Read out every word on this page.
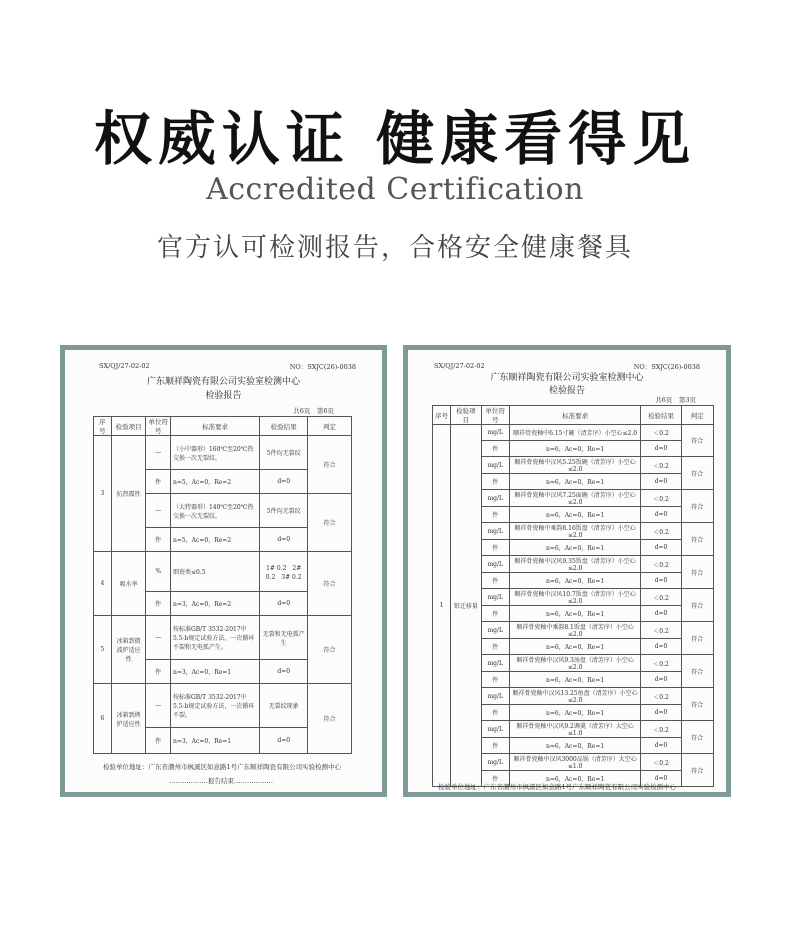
权威认证 健康看得见
Accredited Certification
官方认可检测报告，合格安全健康餐具
SX/QJ/27-02-02	NO：SXJC(26)-0038
广东顺祥陶瓷有限公司实验室检测中心
检验报告
共6页　第6页
序号	检验项目	单位符号	标准要求	检验结果	判定
3	抗热震性	—	（小中器形）160℃至20℃热交换一次无裂纹。	5件均无裂纹	符合
		件	n=5，Ac=0，Re=2	d=0	
		—	（大特器形）140℃至20℃热交换一次无裂纹。	5件均无裂纹	符合
		件	n=5，Ac=0，Re=2	d=0	
4	吸水率	%	细瓷类≤0.5	1# 0.2　2# 0.2　3# 0.2	符合
		件	n=3，Ac=0，Re=2	d=0	
5	冰箱到微波炉适应性	—	按标准GB/T 3532-2017中5.5-b规定试验方法，一次循环不裂和无电弧产生。	无裂和无电弧产生	符合
		件	n=3，Ac=0，Re=1	d=0	
6	冰箱到烤炉适应性	—	按标准GB/T 3532-2017中5.5-b规定试验方法，一次循环不裂。	无裂纹现象	符合
		件	n=3，Ac=0，Re=1	d=0	
检验单位地址：广东省潮州市枫溪区如意路1号广东顺祥陶瓷有限公司实验检测中心
………………报告结束………………
SX/QJ/27-02-02	NO：SXJC(26)-0038
广东顺祥陶瓷有限公司实验室检测中心
检验报告
共6页　第3页
序号	检验项目	单位符号	标准要求	检验结果	判定
1	铅迁移量	mg/L	顺祥骨瓷釉中6.15寸碗（清芳序）小空心≤2.0	＜0.2	符合
		件	n=6，Ac=0，Re=1	d=0	
		mg/L	顺祥骨瓷釉中汉风5.25饭碗（清芳序）小空心≤2.0	＜0.2	符合
		件	n=6，Ac=0，Re=1	d=0	
		mg/L	顺祥骨瓷釉中汉风7.25面碗（清芳序）小空心≤2.0	＜0.2	符合
		件	n=6，Ac=0，Re=1	d=0	
		mg/L	顺祥骨瓷釉中乘韵8.16饭盘（清芳序）小空心≤2.0	＜0.2	符合
		件	n=6，Ac=0，Re=1	d=0	
		mg/L	顺祥骨瓷釉中汉风9.35饭盘（清芳序）小空心≤2.0	＜0.2	符合
		件	n=6，Ac=0，Re=1	d=0	
		mg/L	顺祥骨瓷釉中汉风10.7饭盘（清芳序）小空心≤2.0	＜0.2	符合
		件	n=6，Ac=0，Re=1	d=0	
		mg/L	顺祥骨瓷釉中乘韵8.1饭盘（清芳序）小空心≤2.0	＜0.2	符合
		件	n=6，Ac=0，Re=1	d=0	
		mg/L	顺祥骨瓷釉中汉风9.3汤盘（清芳序）小空心≤2.0	＜0.2	符合
		件	n=6，Ac=0，Re=1	d=0	
		mg/L	顺祥骨瓷釉中汉风13.25鱼盘（清芳序）小空心≤2.0	＜0.2	符合
		件	n=6，Ac=0，Re=1	d=0	
		mg/L	顺祥骨瓷釉中汉风9.2调羹（清芳序）大空心≤1.0	＜0.2	符合
		件	n=6，Ac=0，Re=1	d=0	
		mg/L	顺祥骨瓷釉中汉风3000品锅（清芳序）大空心≤1.0	＜0.2	符合
		件	n=6，Ac=0，Re=1	d=0	
检验单位地址：广东省潮州市枫溪区如意路1号广东顺祥陶瓷有限公司实验检测中心
